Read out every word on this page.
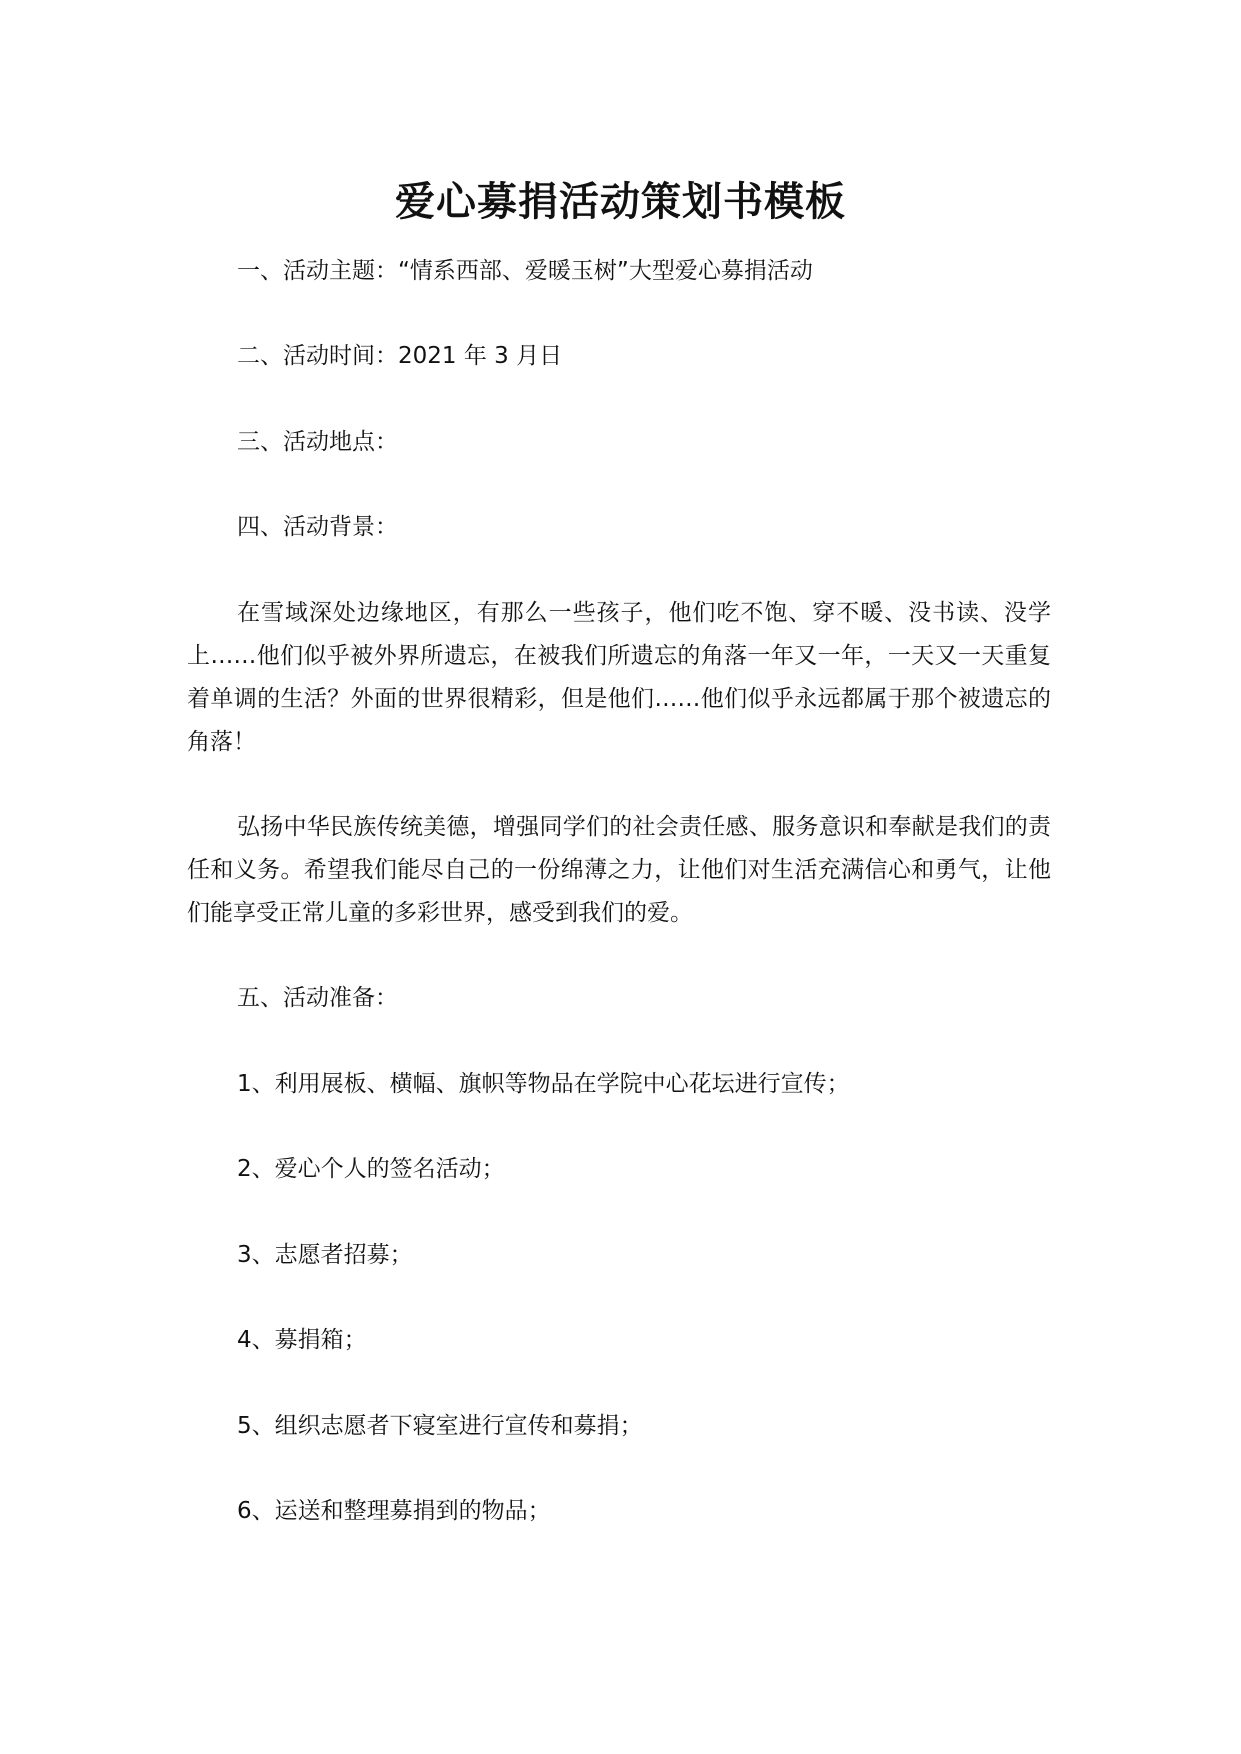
爱心募捐活动策划书模板

一、活动主题：“情系西部、爱暖玉树”大型爱心募捐活动

二、活动时间：2021 年 3 月日

三、活动地点：

四、活动背景：

在雪域深处边缘地区，有那么一些孩子，他们吃不饱、穿不暖、没书读、没学上……他们似乎被外界所遗忘，在被我们所遗忘的角落一年又一年，一天又一天重复着单调的生活？外面的世界很精彩，但是他们……他们似乎永远都属于那个被遗忘的角落！

弘扬中华民族传统美德，增强同学们的社会责任感、服务意识和奉献是我们的责任和义务。希望我们能尽自己的一份绵薄之力，让他们对生活充满信心和勇气，让他们能享受正常儿童的多彩世界，感受到我们的爱。

五、活动准备：

1、利用展板、横幅、旗帜等物品在学院中心花坛进行宣传；

2、爱心个人的签名活动；

3、志愿者招募；

4、募捐箱；

5、组织志愿者下寝室进行宣传和募捐；

6、运送和整理募捐到的物品；
